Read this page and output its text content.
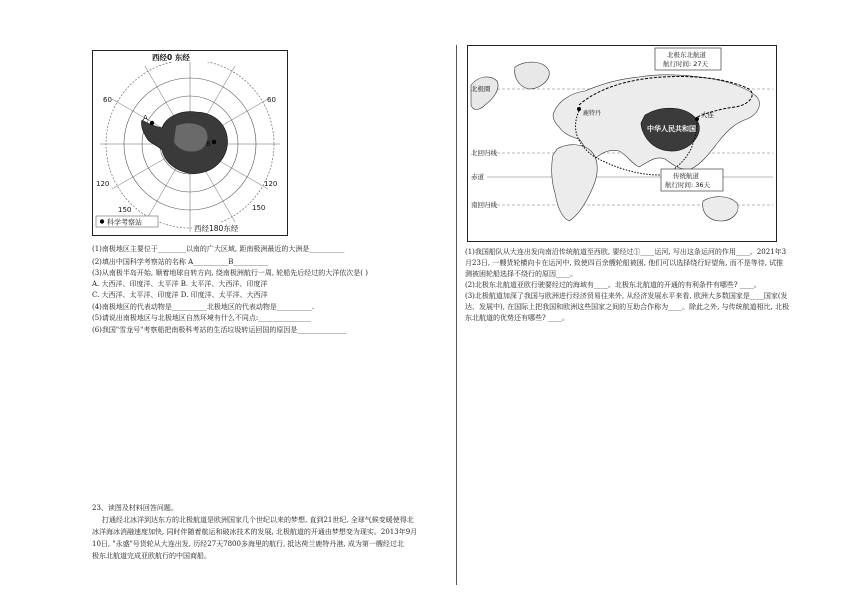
A
B
西经0 东经
西经180东经
60	60
120	120
150	150
科学考察站
(1)南极地区主要位于________以南的广大区域, 距南极洲最近的大洲是__________
(2)填出中国科学考察站的名称 A__________B__________
(3)从南极半岛开始, 顺着地球自转方向, 绕南极洲航行一周, 轮船先后经过的大洋依次是( )
A. 大西洋、印度洋、太平洋 B. 太平洋、大西洋、印度洋
C. 大西洋、太平洋、印度洋 D. 印度洋、太平洋、大西洋
(4)南极地区的代表动物是__________北极地区的代表动物是__________.
(5)请说出南极地区与北极地区自然环境有什么不同点:_______________
(6)我国"雪龙号"考察船把南极科考站的生活垃圾转运回国的原因是______________
23、读图及材料回答问题。
打通经北冰洋到达东方的北极航道是欧洲国家几个世纪以来的梦想, 直到21世纪, 全球气候变暖使得北
冰洋海冰消融速度加快, 同时伴随着航运和破冰技术的发展, 北极航道的开通由梦想变为现实。2013年9月
10日, "永盛"号货轮从大连出发, 历经27天7800多海里的航行, 抵达荷兰鹿特丹港, 成为第一艘经过北
极东北航道完成亚欧航行的中国商船。
北极东北航道
航行时间: 27天
传统航道
航行时间: 36天
北极圈
北回归线
赤道
南回归线
中华人民共和国
大连
鹿特丹
(1)我国船队从大连出发向南沿传统航道至西欧, 要经过①____运河, 写出这条运河的作用____。2021年3
月23日, 一艘货轮横向卡在运河中, 致使四百余艘轮船被困, 他们可以选择绕行好望角, 而不是等待, 试推
测被困轮船选择不绕行的原因____。
(2)北极东北航道亚欧行驶要经过的海域有____。北极东北航道的开通的有利条件有哪些? ____。
(3)北极航道加深了我国与欧洲进行经济贸易往来外, 从经济发展水平来看, 欧洲大多数国家是____国家(发
达、发展中), 在国际上把我国和欧洲这些国家之间的互助合作称为____。除此之外, 与传统航道相比, 北极
东北航道的优势还有哪些? ____。
